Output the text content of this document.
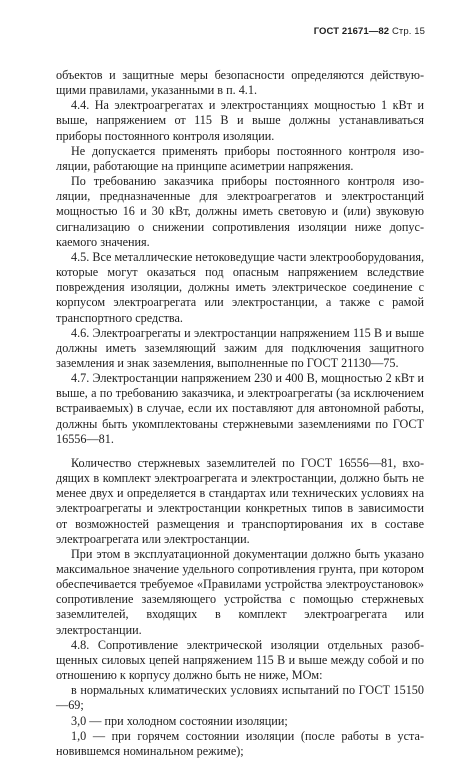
ГОСТ 21671—82 Стр. 15

объектов и защитные меры безопасности определяются действующими правилами, указанными в п. 4.1.

4.4. На электроагрегатах и электростанциях мощностью 1 кВт и выше, напряжением от 115 В и выше должны устанавливаться приборы постоянного контроля изоляции.

Не допускается применять приборы постоянного контроля изоляции, работающие на принципе асиметрии напряжения.

По требованию заказчика приборы постоянного контроля изоляции, предназначенные для электроагрегатов и электростанций мощностью 16 и 30 кВт, должны иметь световую и (или) звуковую сигнализацию о снижении сопротивления изоляции ниже допускаемого значения.

4.5. Все металлические нетоковедущие части электрооборудования, которые могут оказаться под опасным напряжением вследствие повреждения изоляции, должны иметь электрическое соединение с корпусом электроагрегата или электростанции, а также с рамой транспортного средства.

4.6. Электроагрегаты и электростанции напряжением 115 В и выше должны иметь заземляющий зажим для подключения защитного заземления и знак заземления, выполненные по ГОСТ 21130—75.

4.7. Электростанции напряжением 230 и 400 В, мощностью 2 кВт и выше, а по требованию заказчика, и электроагрегаты (за исключением встраиваемых) в случае, если их поставляют для автономной работы, должны быть укомплектованы стержневыми заземлениями по ГОСТ 16556—81.

Количество стержневых заземлителей по ГОСТ 16556—81, входящих в комплект электроагрегата и электростанции, должно быть не менее двух и определяется в стандартах или технических условиях на электроагрегаты и электростанции конкретных типов в зависимости от возможностей размещения и транспортирования их в составе электроагрегата или электростанции.

При этом в эксплуатационной документации должно быть указано максимальное значение удельного сопротивления грунта, при котором обеспечивается требуемое «Правилами устройства электроустановок» сопротивление заземляющего устройства с помощью стержневых заземлителей, входящих в комплект электроагрегата или электростанции.

4.8. Сопротивление электрической изоляции отдельных разобщенных силовых цепей напряжением 115 В и выше между собой и по отношению к корпусу должно быть не ниже, МОм:

в нормальных климатических условиях испытаний по ГОСТ 15150—69;

3,0 — при холодном состоянии изоляции;

1,0 — при горячем состоянии изоляции (после работы в установившемся номинальном режиме);
